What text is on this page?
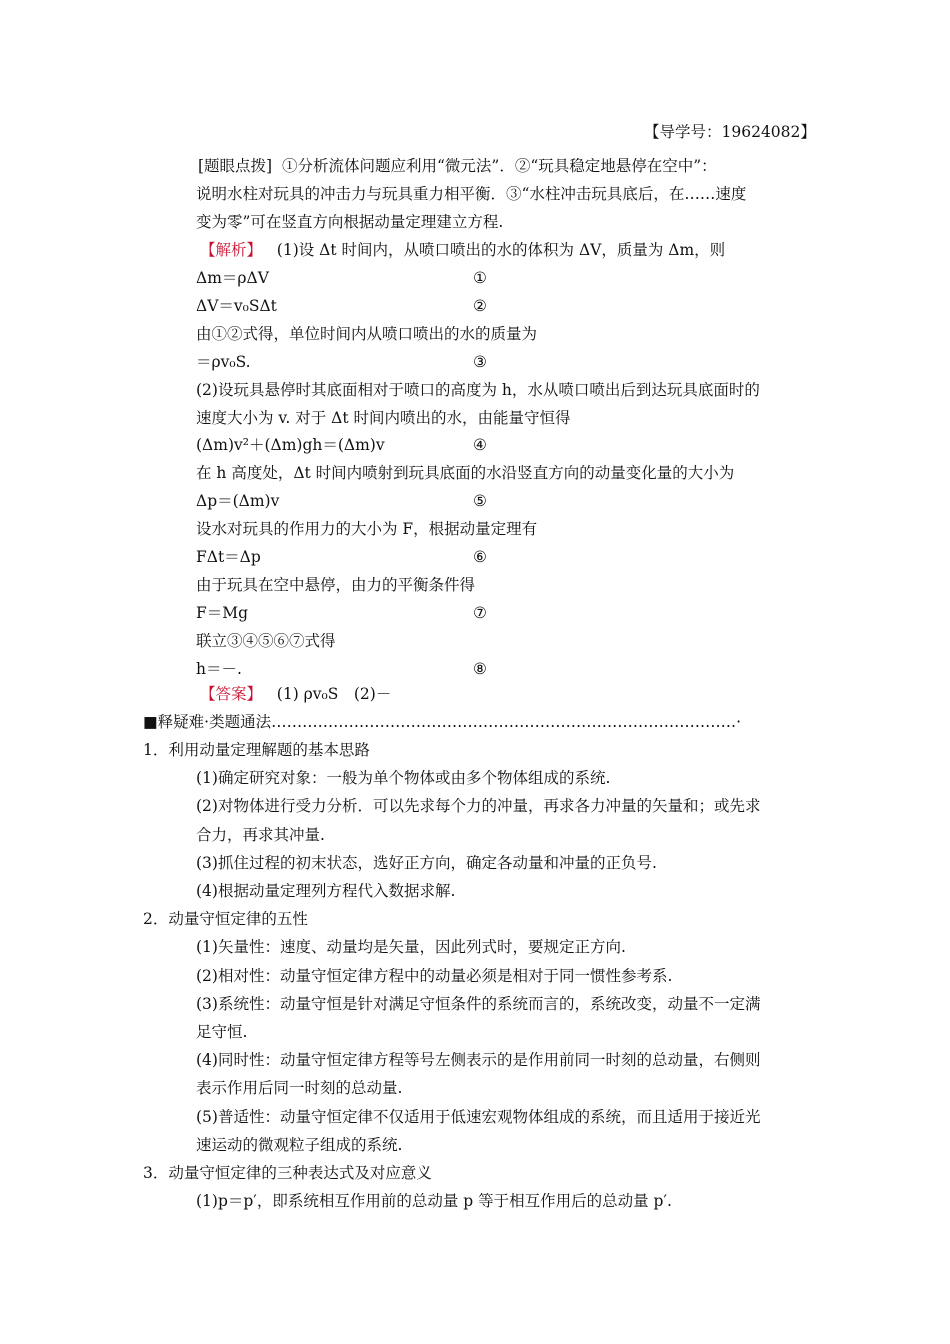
【导学号：19624082】
[题眼点拨] ①分析流体问题应利用“微元法”．②“玩具稳定地悬停在空中”：
说明水柱对玩具的冲击力与玩具重力相平衡．③“水柱冲击玩具底后，在……速度
变为零”可在竖直方向根据动量定理建立方程.
【解析】 (1)设 Δt 时间内，从喷口喷出的水的体积为 ΔV，质量为 Δm，则
Δm＝ρΔV	①
ΔV＝v₀SΔt	②
由①②式得，单位时间内从喷口喷出的水的质量为
＝ρv₀S.	③
(2)设玩具悬停时其底面相对于喷口的高度为 h，水从喷口喷出后到达玩具底面时的
速度大小为 v. 对于 Δt 时间内喷出的水，由能量守恒得
(Δm)v²＋(Δm)gh＝(Δm)v	④
在 h 高度处，Δt 时间内喷射到玩具底面的水沿竖直方向的动量变化量的大小为
Δp＝(Δm)v	⑤
设水对玩具的作用力的大小为 F，根据动量定理有
FΔt＝Δp	⑥
由于玩具在空中悬停，由力的平衡条件得
F＝Mg	⑦
联立③④⑤⑥⑦式得
h＝－.	⑧
【答案】 (1) ρv₀S　(2)－
■释疑难·类题通法………………………………………………………………………………·
1．利用动量定理解题的基本思路
(1)确定研究对象：一般为单个物体或由多个物体组成的系统.
(2)对物体进行受力分析．可以先求每个力的冲量，再求各力冲量的矢量和；或先求
合力，再求其冲量.
(3)抓住过程的初末状态，选好正方向，确定各动量和冲量的正负号.
(4)根据动量定理列方程代入数据求解.
2．动量守恒定律的五性
(1)矢量性：速度、动量均是矢量，因此列式时，要规定正方向.
(2)相对性：动量守恒定律方程中的动量必须是相对于同一惯性参考系.
(3)系统性：动量守恒是针对满足守恒条件的系统而言的，系统改变，动量不一定满
足守恒.
(4)同时性：动量守恒定律方程等号左侧表示的是作用前同一时刻的总动量，右侧则
表示作用后同一时刻的总动量.
(5)普适性：动量守恒定律不仅适用于低速宏观物体组成的系统，而且适用于接近光
速运动的微观粒子组成的系统.
3．动量守恒定律的三种表达式及对应意义
(1)p＝p′，即系统相互作用前的总动量 p 等于相互作用后的总动量 p′.
